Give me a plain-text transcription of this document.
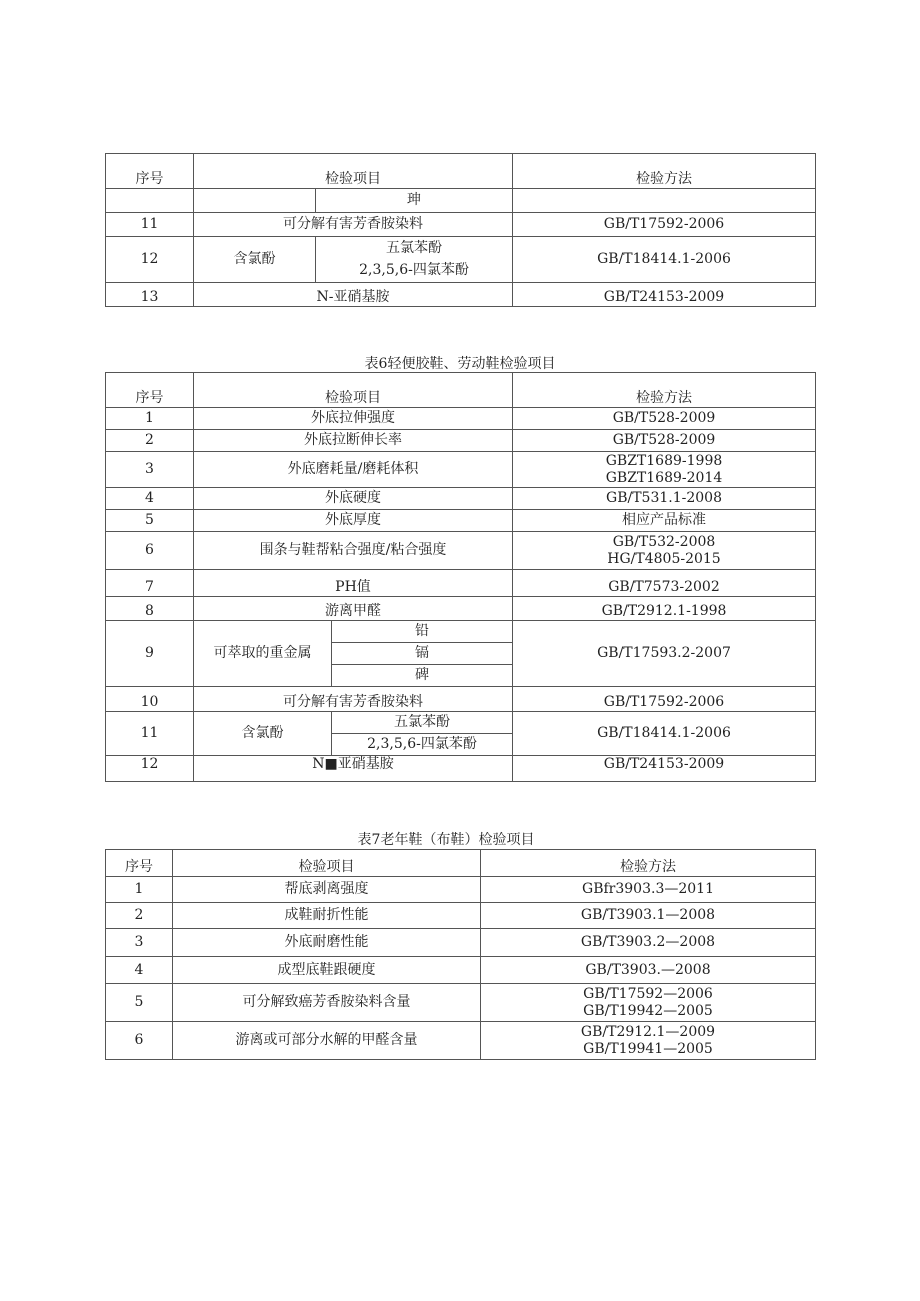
序号	检验项目		检验方法
		珅	
11	可分解有害芳香胺染料		GB/T17592-2006
12	含氯酚	五氯苯酚	GB/T18414.1-2006
		2,3,5,6-四氯苯酚	
13	N-亚硝基胺		GB/T24153-2009
表6轻便胶鞋、劳动鞋检验项目
序号	检验项目		检验方法
1	外底拉伸强度		GB/T528-2009
2	外底拉断伸长率		GB/T528-2009
3	外底磨耗量/磨耗体积		GBZT1689-1998
GBZT1689-2014

4	外底硬度		GB/T531.1-2008
5	外底厚度		相应产品标准
6	围条与鞋帮粘合强度/粘合强度		GB/T532-2008
HG/T4805-2015

7	PH值		GB/T7573-2002
8	游离甲醛		GB/T2912.1-1998
9	可萃取的重金属	铅	GB/T17593.2-2007
		镉	
		碑	
10	可分解有害芳香胺染料		GB/T17592-2006
11	含氯酚	五氯苯酚	GB/T18414.1-2006
		2,3,5,6-四氯苯酚	
12	N■亚硝基胺		GB/T24153-2009
表7老年鞋（布鞋）检验项目
序号	检验项目	检验方法
1	帮底剥离强度	GBfr3903.3—2011
2	成鞋耐折性能	GB/T3903.1—2008
3	外底耐磨性能	GB/T3903.2—2008
4	成型底鞋跟硬度	GB/T3903.—2008
5	可分解致癌芳香胺染料含量	GB/T17592—2006
GB/T19942—2005

6	游离或可部分水解的甲醛含量	GB/T2912.1—2009
GB/T19941—2005
